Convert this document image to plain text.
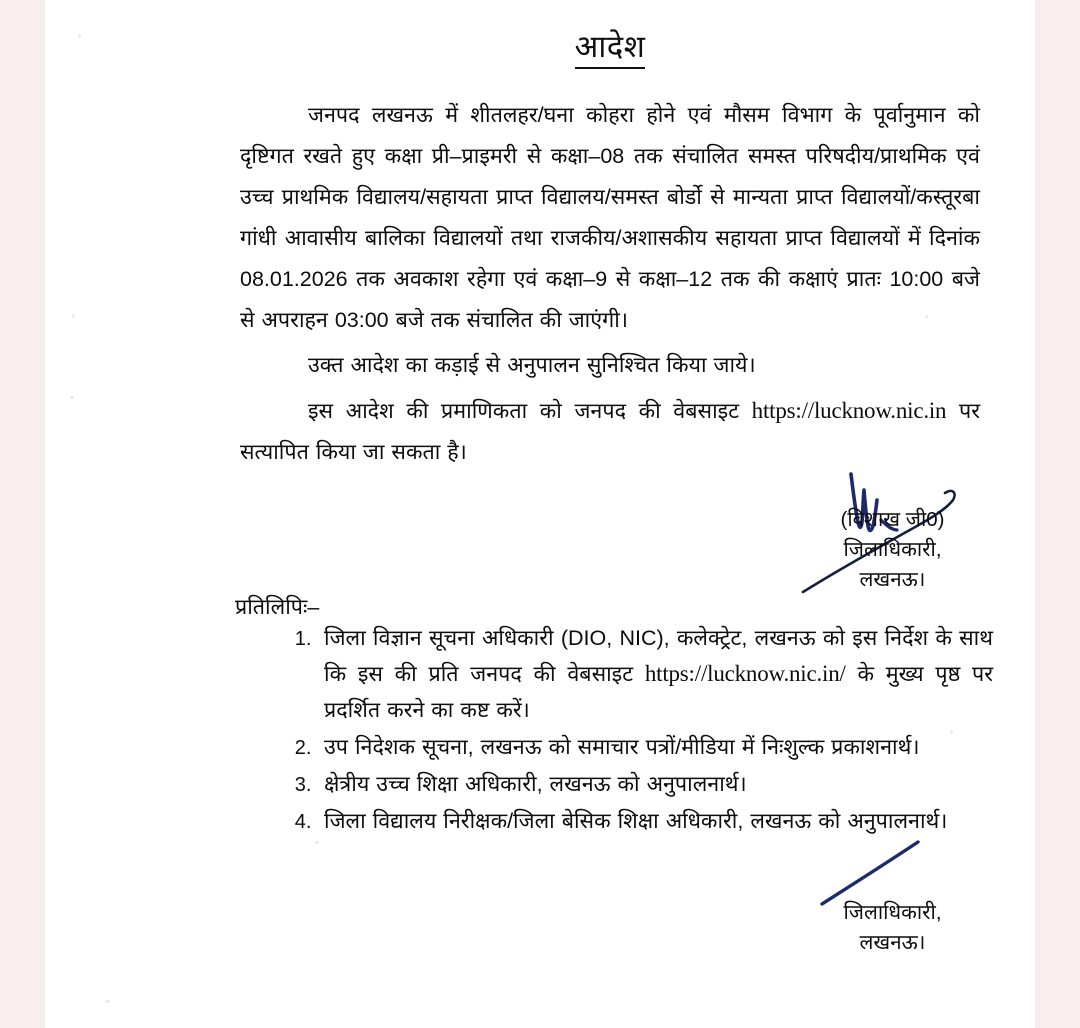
आदेश

जनपद लखनऊ में शीतलहर/घना कोहरा होने एवं मौसम विभाग के पूर्वानुमान को दृष्टिगत रखते हुए कक्षा प्री–प्राइमरी से कक्षा–08 तक संचालित समस्त परिषदीय/प्राथमिक एवं उच्च प्राथमिक विद्यालय/सहायता प्राप्त विद्यालय/समस्त बोर्डो से मान्यता प्राप्त विद्यालयों/कस्तूरबा गांधी आवासीय बालिका विद्यालयों तथा राजकीय/अशासकीय सहायता प्राप्त विद्यालयों में दिनांक 08.01.2026 तक अवकाश रहेगा एवं कक्षा–9 से कक्षा–12 तक की कक्षाएं प्रातः 10:00 बजे से अपराहन 03:00 बजे तक संचालित की जाएंगी।

उक्त आदेश का कड़ाई से अनुपालन सुनिश्चित किया जाये।

इस आदेश की प्रमाणिकता को जनपद की वेबसाइट https://lucknow.nic.in पर सत्यापित किया जा सकता है।

(विशाख जी0)
जिलाधिकारी,
लखनऊ।
प्रतिलिपिः–
1. जिला विज्ञान सूचना अधिकारी (DIO, NIC), कलेक्ट्रेट, लखनऊ को इस निर्देश के साथ कि इस की प्रति जनपद की वेबसाइट https://lucknow.nic.in/ के मुख्य पृष्ठ पर प्रदर्शित करने का कष्ट करें।
2. उप निदेशक सूचना, लखनऊ को समाचार पत्रों/मीडिया में निःशुल्क प्रकाशनार्थ।
3. क्षेत्रीय उच्च शिक्षा अधिकारी, लखनऊ को अनुपालनार्थ।
4. जिला विद्यालय निरीक्षक/जिला बेसिक शिक्षा अधिकारी, लखनऊ को अनुपालनार्थ।
जिलाधिकारी,
लखनऊ।
